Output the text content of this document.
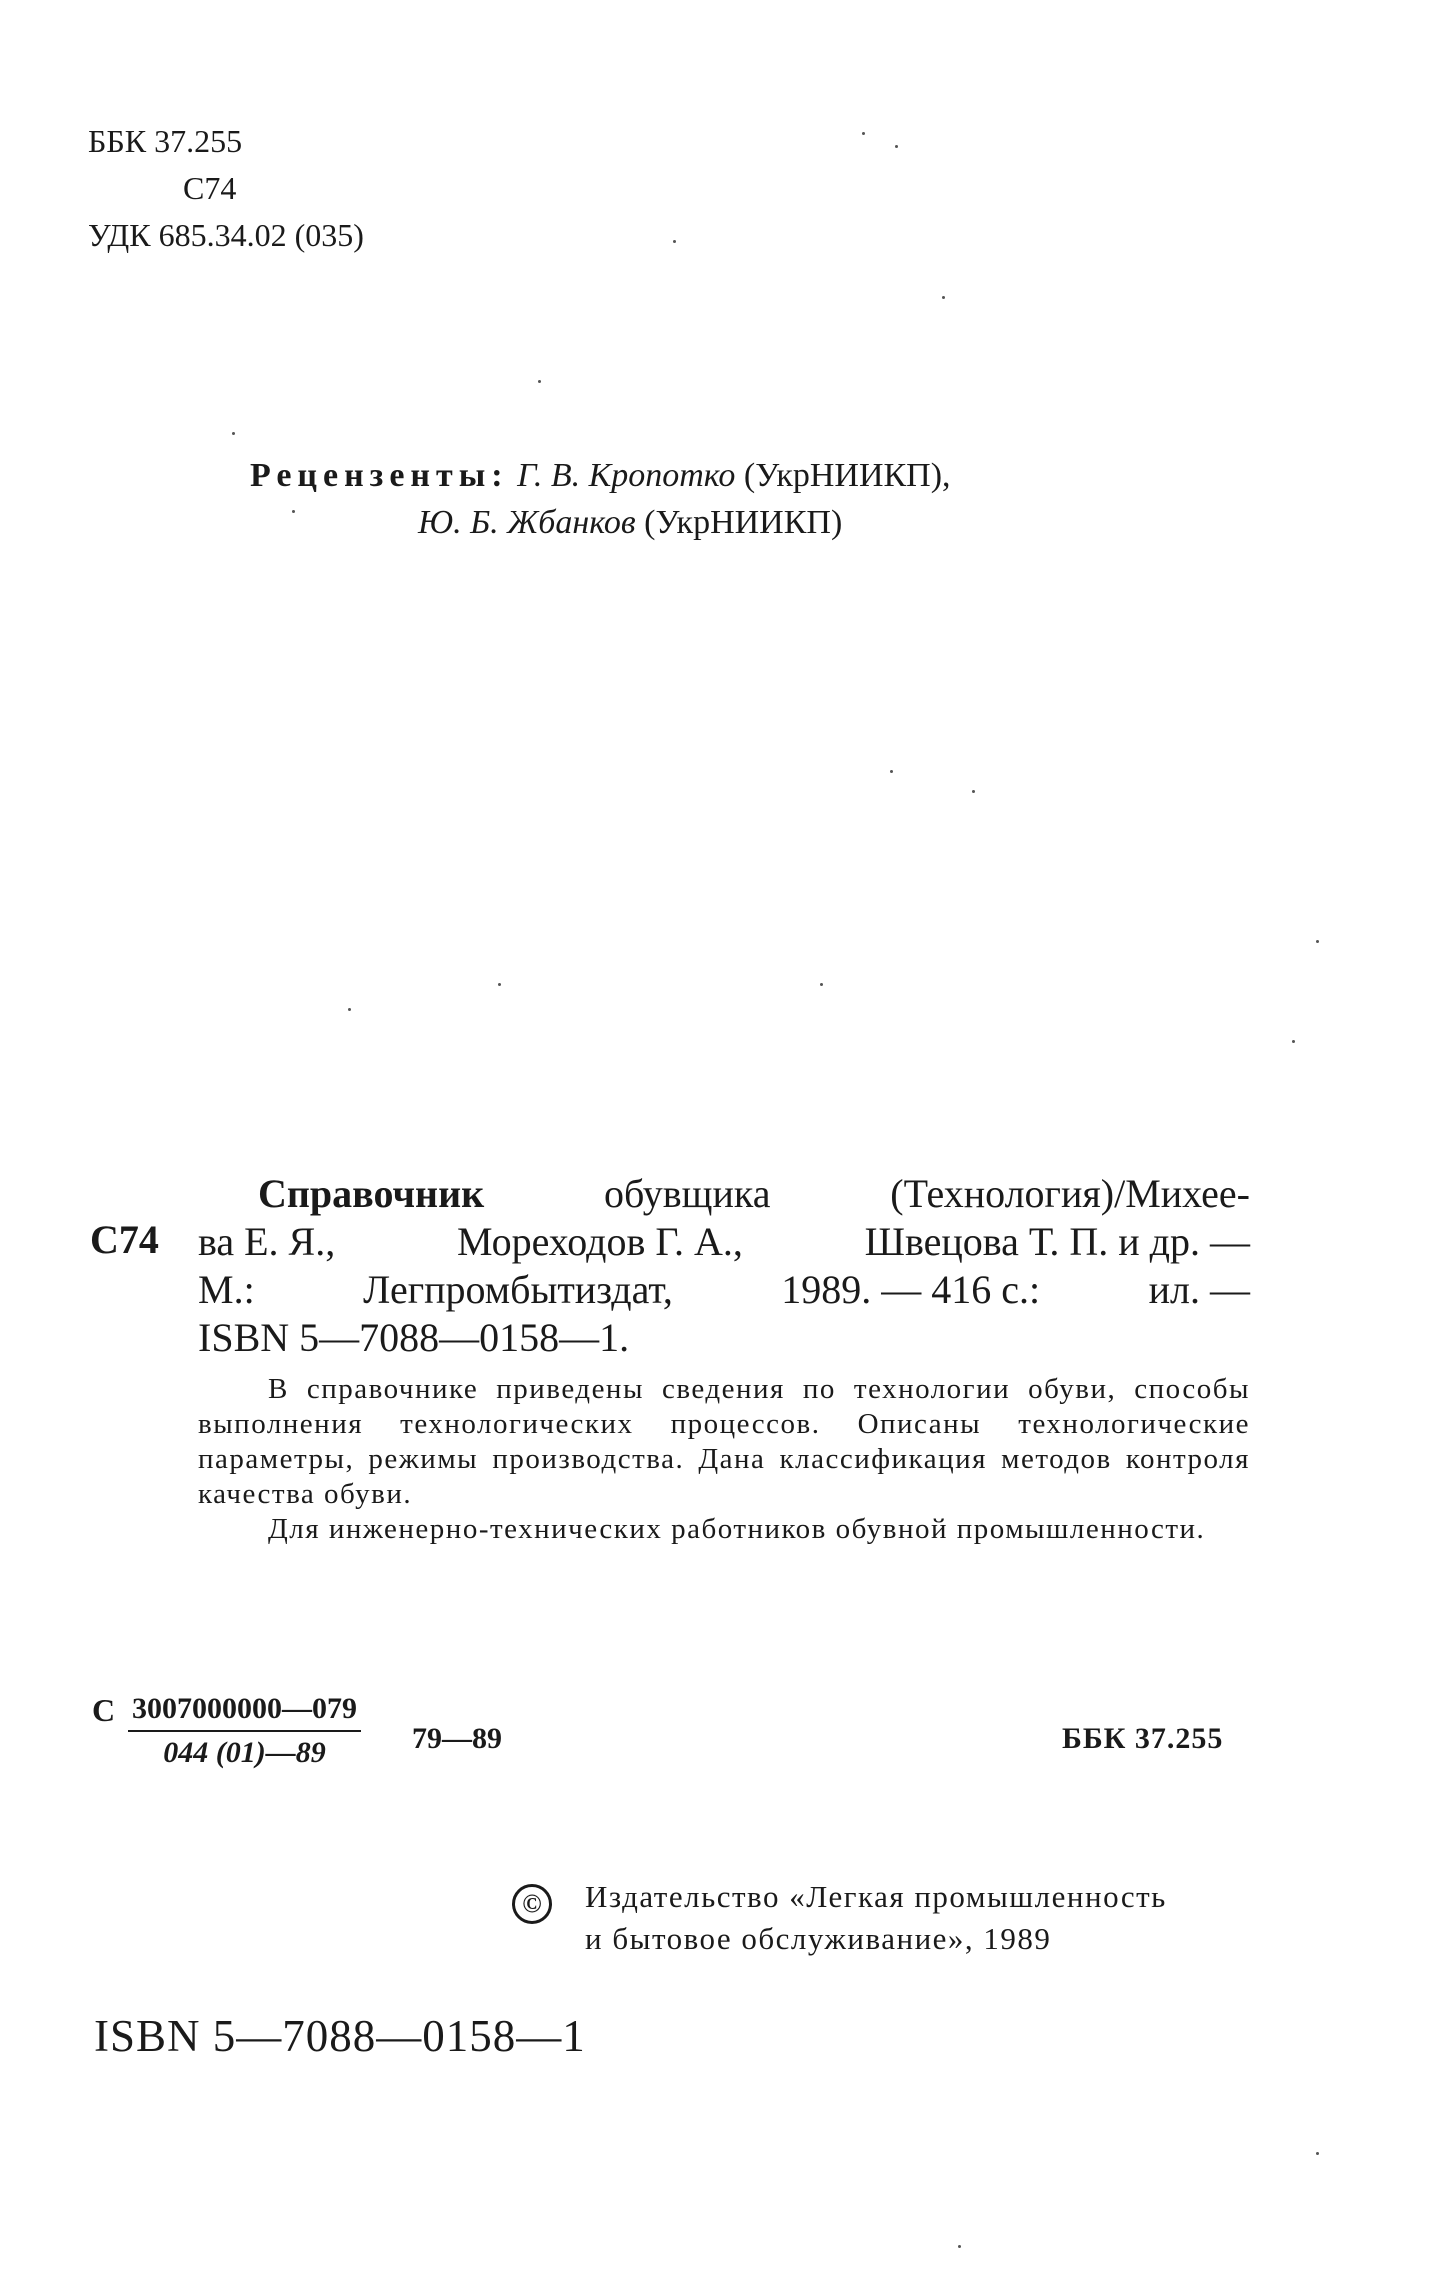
ББК 37.255
С74
УДК 685.34.02 (035)
Рецензенты: Г. В. Кропотко (УкрНИИКП),
Ю. Б. Жбанков (УкрНИИКП)
С74
Справочник	обувщика	(Технология)/Михее-
ва Е. Я.,	Мореходов Г. А.,	Швецова Т. П. и др. —
М.:	Легпромбытиздат,	1989. — 416 с.:	ил. —
ISBN 5—7088—0158—1.

В справочнике приведены сведения по технологии обуви, способы выполнения технологических процессов. Описаны технологические параметры, режимы производства. Дана классификация методов контроля качества обуви.

Для инженерно-технических работников обувной промышленности.

С $\frac{3007000000—079}{044 (01)—89}$ 79—89	ББК 37.255
©	Издательство «Легкая промышленность
и бытовое обслуживание», 1989
ISBN 5—7088—0158—1
